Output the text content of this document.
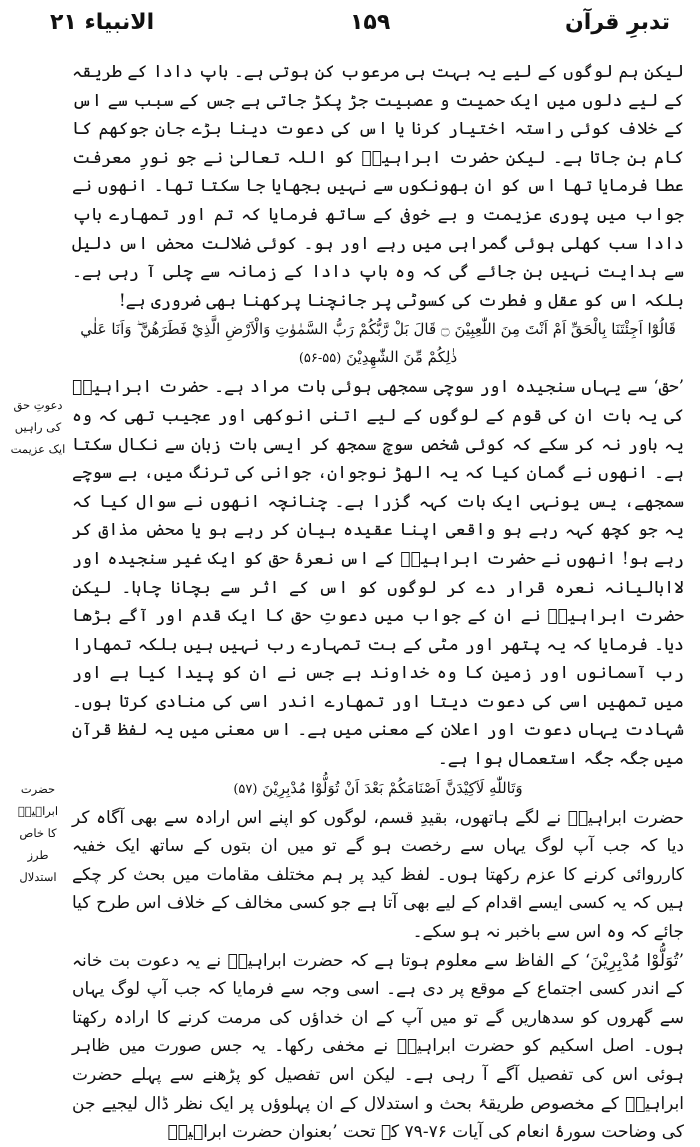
الانبیاء ۲۱	۱۵۹	تدبرِ قرآن

لیکن ہم لوگوں کے لیے یہ بہت ہی مرعوب کن ہوتی ہے۔ باپ دادا کے طریقہ کے لیے دلوں میں ایک حمیت و عصبیت جڑ پکڑ جاتی ہے جس کے سبب سے اس کے خلاف کوئی راستہ اختیار کرنا یا اس کی دعوت دینا بڑے جان جوکھم کا کام بن جاتا ہے۔ لیکن حضرت ابراہیمؑ کو اللہ تعالیٰ نے جو نورِ معرفت عطا فرمایا تھا اس کو ان بھونکوں سے نہیں بجھایا جا سکتا تھا۔ انھوں نے جواب میں پوری عزیمت و بے خوفی کے ساتھ فرمایا کہ تم اور تمھارے باپ دادا سب کھلی ہوئی گمراہی میں رہے اور ہو۔ کوئی ضلالت محض اس دلیل سے ہدایت نہیں بن جائے گی کہ وہ باپ دادا کے زمانہ سے چلی آ رہی ہے۔ بلکہ اس کو عقل و فطرت کی کسوٹی پر جانچنا پرکھنا بھی ضروری ہے!

قَالُوْٓا اَجِئْتَنَا بِالْحَقِّ اَمْ اَنْتَ مِنَ اللّٰعِبِيْنَ ۝ قَالَ بَلْ رَّبُّكُمْ رَبُّ السَّمٰوٰتِ وَالْاَرْضِ الَّذِيْ فَطَرَهُنَّ ۖ وَاَنَا عَلٰي ذٰلِكُمْ مِّنَ الشّٰهِدِيْنَ (۵۵-۵۶)

’حق‘ سے یہاں سنجیدہ اور سوچی سمجھی ہوئی بات مراد ہے۔ حضرت ابراہیمؑ کی یہ بات ان کی قوم کے لوگوں کے لیے اتنی انوکھی اور عجیب تھی کہ وہ یہ باور نہ کر سکے کہ کوئی شخص سوچ سمجھ کر ایسی بات زبان سے نکال سکتا ہے۔ انھوں نے گمان کیا کہ یہ الھڑ نوجوان، جوانی کی ترنگ میں، بے سوچے سمجھے، یس یونہی ایک بات کہہ گزرا ہے۔ چنانچہ انھوں نے سوال کیا کہ یہ جو کچھ کہہ رہے ہو واقعی اپنا عقیدہ بیان کر رہے ہو یا محض مذاق کر رہے ہو! انھوں نے حضرت ابراہیمؑ کے اس نعرۂ حق کو ایک غیر سنجیدہ اور لاابالیانہ نعرہ قرار دے کر لوگوں کو اس کے اثر سے بچانا چاہا۔ لیکن حضرت ابراہیمؑ نے ان کے جواب میں دعوتِ حق کا ایک قدم اور آگے بڑھا دیا۔ فرمایا کہ یہ پتھر اور مٹی کے بت تمہارے رب نہیں ہیں بلکہ تمھارا رب آسمانوں اور زمین کا وہ خداوند ہے جس نے ان کو پیدا کیا ہے اور میں تمھیں اسی کی دعوت دیتا اور تمھارے اندر اسی کی منادی کرتا ہوں۔ شہادت یہاں دعوت اور اعلان کے معنی میں ہے۔ اس معنی میں یہ لفظ قرآن میں جگہ جگہ استعمال ہوا ہے۔

وَتَاللّٰهِ لَاَكِيْدَنَّ اَصْنَامَكُمْ بَعْدَ اَنْ تُوَلُّوْا مُدْبِرِيْنَ (۵۷)

حضرت ابراہیمؑ نے لگے ہاتھوں، بقیدِ قسم، لوگوں کو اپنے اس ارادہ سے بھی آگاہ کر دیا کہ جب آپ لوگ یہاں سے رخصت ہو گے تو میں ان بتوں کے ساتھ ایک خفیہ کارروائی کرنے کا عزم رکھتا ہوں۔ لفظ کید پر ہم مختلف مقامات میں بحث کر چکے ہیں کہ یہ کسی ایسے اقدام کے لیے بھی آتا ہے جو کسی مخالف کے خلاف اس طرح کیا جائے کہ وہ اس سے باخبر نہ ہو سکے۔

’تُوَلُّوْا مُدْبِرِيْنَ‘ کے الفاظ سے معلوم ہوتا ہے کہ حضرت ابراہیمؑ نے یہ دعوت بت خانہ کے اندر کسی اجتماع کے موقع پر دی ہے۔ اسی وجہ سے فرمایا کہ جب آپ لوگ یہاں سے گھروں کو سدھاریں گے تو میں آپ کے ان خداؤں کی مرمت کرنے کا ارادہ رکھتا ہوں۔ اصل اسکیم کو حضرت ابراہیمؑ نے مخفی رکھا۔ یہ جس صورت میں ظاہر ہوئی اس کی تفصیل آگے آ رہی ہے۔ لیکن اس تفصیل کو پڑھنے سے پہلے حضرت ابراہیمؑ کے مخصوص طریقۂ بحث و استدلال کے ان پہلوؤں پر ایک نظر ڈال لیجیے جن کی وضاحت سورۂ انعام کی آیات ۷۶-۷۹ کے تحت ’بعنوان حضرت ابراہیمؑ

دعوتِ حق
کی راہیں
ایک عزیمت
حضرت ابراہیمؑ
کا خاص طرز
استدلال
